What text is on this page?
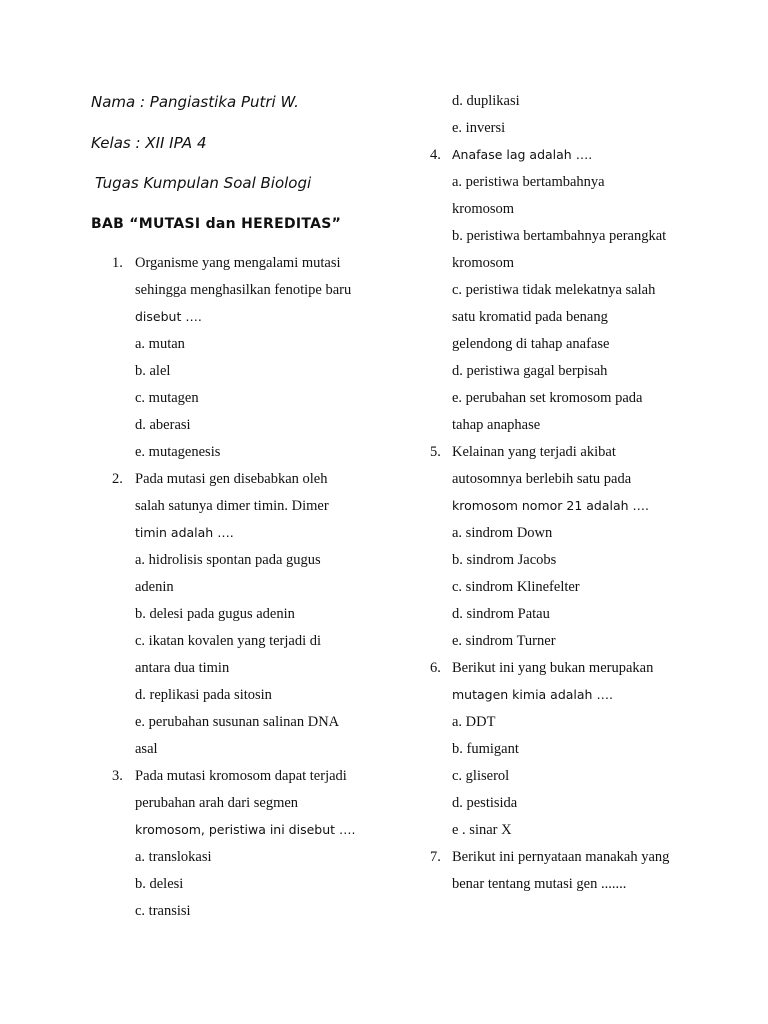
Nama : Pangiastika Putri W.

Kelas : XII IPA 4

Tugas Kumpulan Soal Biologi

BAB “MUTASI dan HEREDITAS”

1. Organisme yang mengalami mutasi
sehingga menghasilkan fenotipe baru
disebut ….
a. mutan
b. alel
c. mutagen
d. aberasi
e. mutagenesis
2. Pada mutasi gen disebabkan oleh
salah satunya dimer timin. Dimer
timin adalah ….
a. hidrolisis spontan pada gugus
adenin
b. delesi pada gugus adenin
c. ikatan kovalen yang terjadi di
antara dua timin
d. replikasi pada sitosin
e. perubahan susunan salinan DNA
asal
3. Pada mutasi kromosom dapat terjadi
perubahan arah dari segmen
kromosom, peristiwa ini disebut ….
a. translokasi
b. delesi
c. transisi
d. duplikasi
e. inversi
4. Anafase lag adalah ….
a. peristiwa bertambahnya
kromosom
b. peristiwa bertambahnya perangkat
kromosom
c. peristiwa tidak melekatnya salah
satu kromatid pada benang
gelendong di tahap anafase
d. peristiwa gagal berpisah
e. perubahan set kromosom pada
tahap anaphase
5. Kelainan yang terjadi akibat
autosomnya berlebih satu pada
kromosom nomor 21 adalah ….
a. sindrom Down
b. sindrom Jacobs
c. sindrom Klinefelter
d. sindrom Patau
e. sindrom Turner
6. Berikut ini yang bukan merupakan
mutagen kimia adalah ….
a. DDT
b. fumigant
c. gliserol
d. pestisida
e . sinar X
7. Berikut ini pernyataan manakah yang
benar tentang mutasi gen .......
